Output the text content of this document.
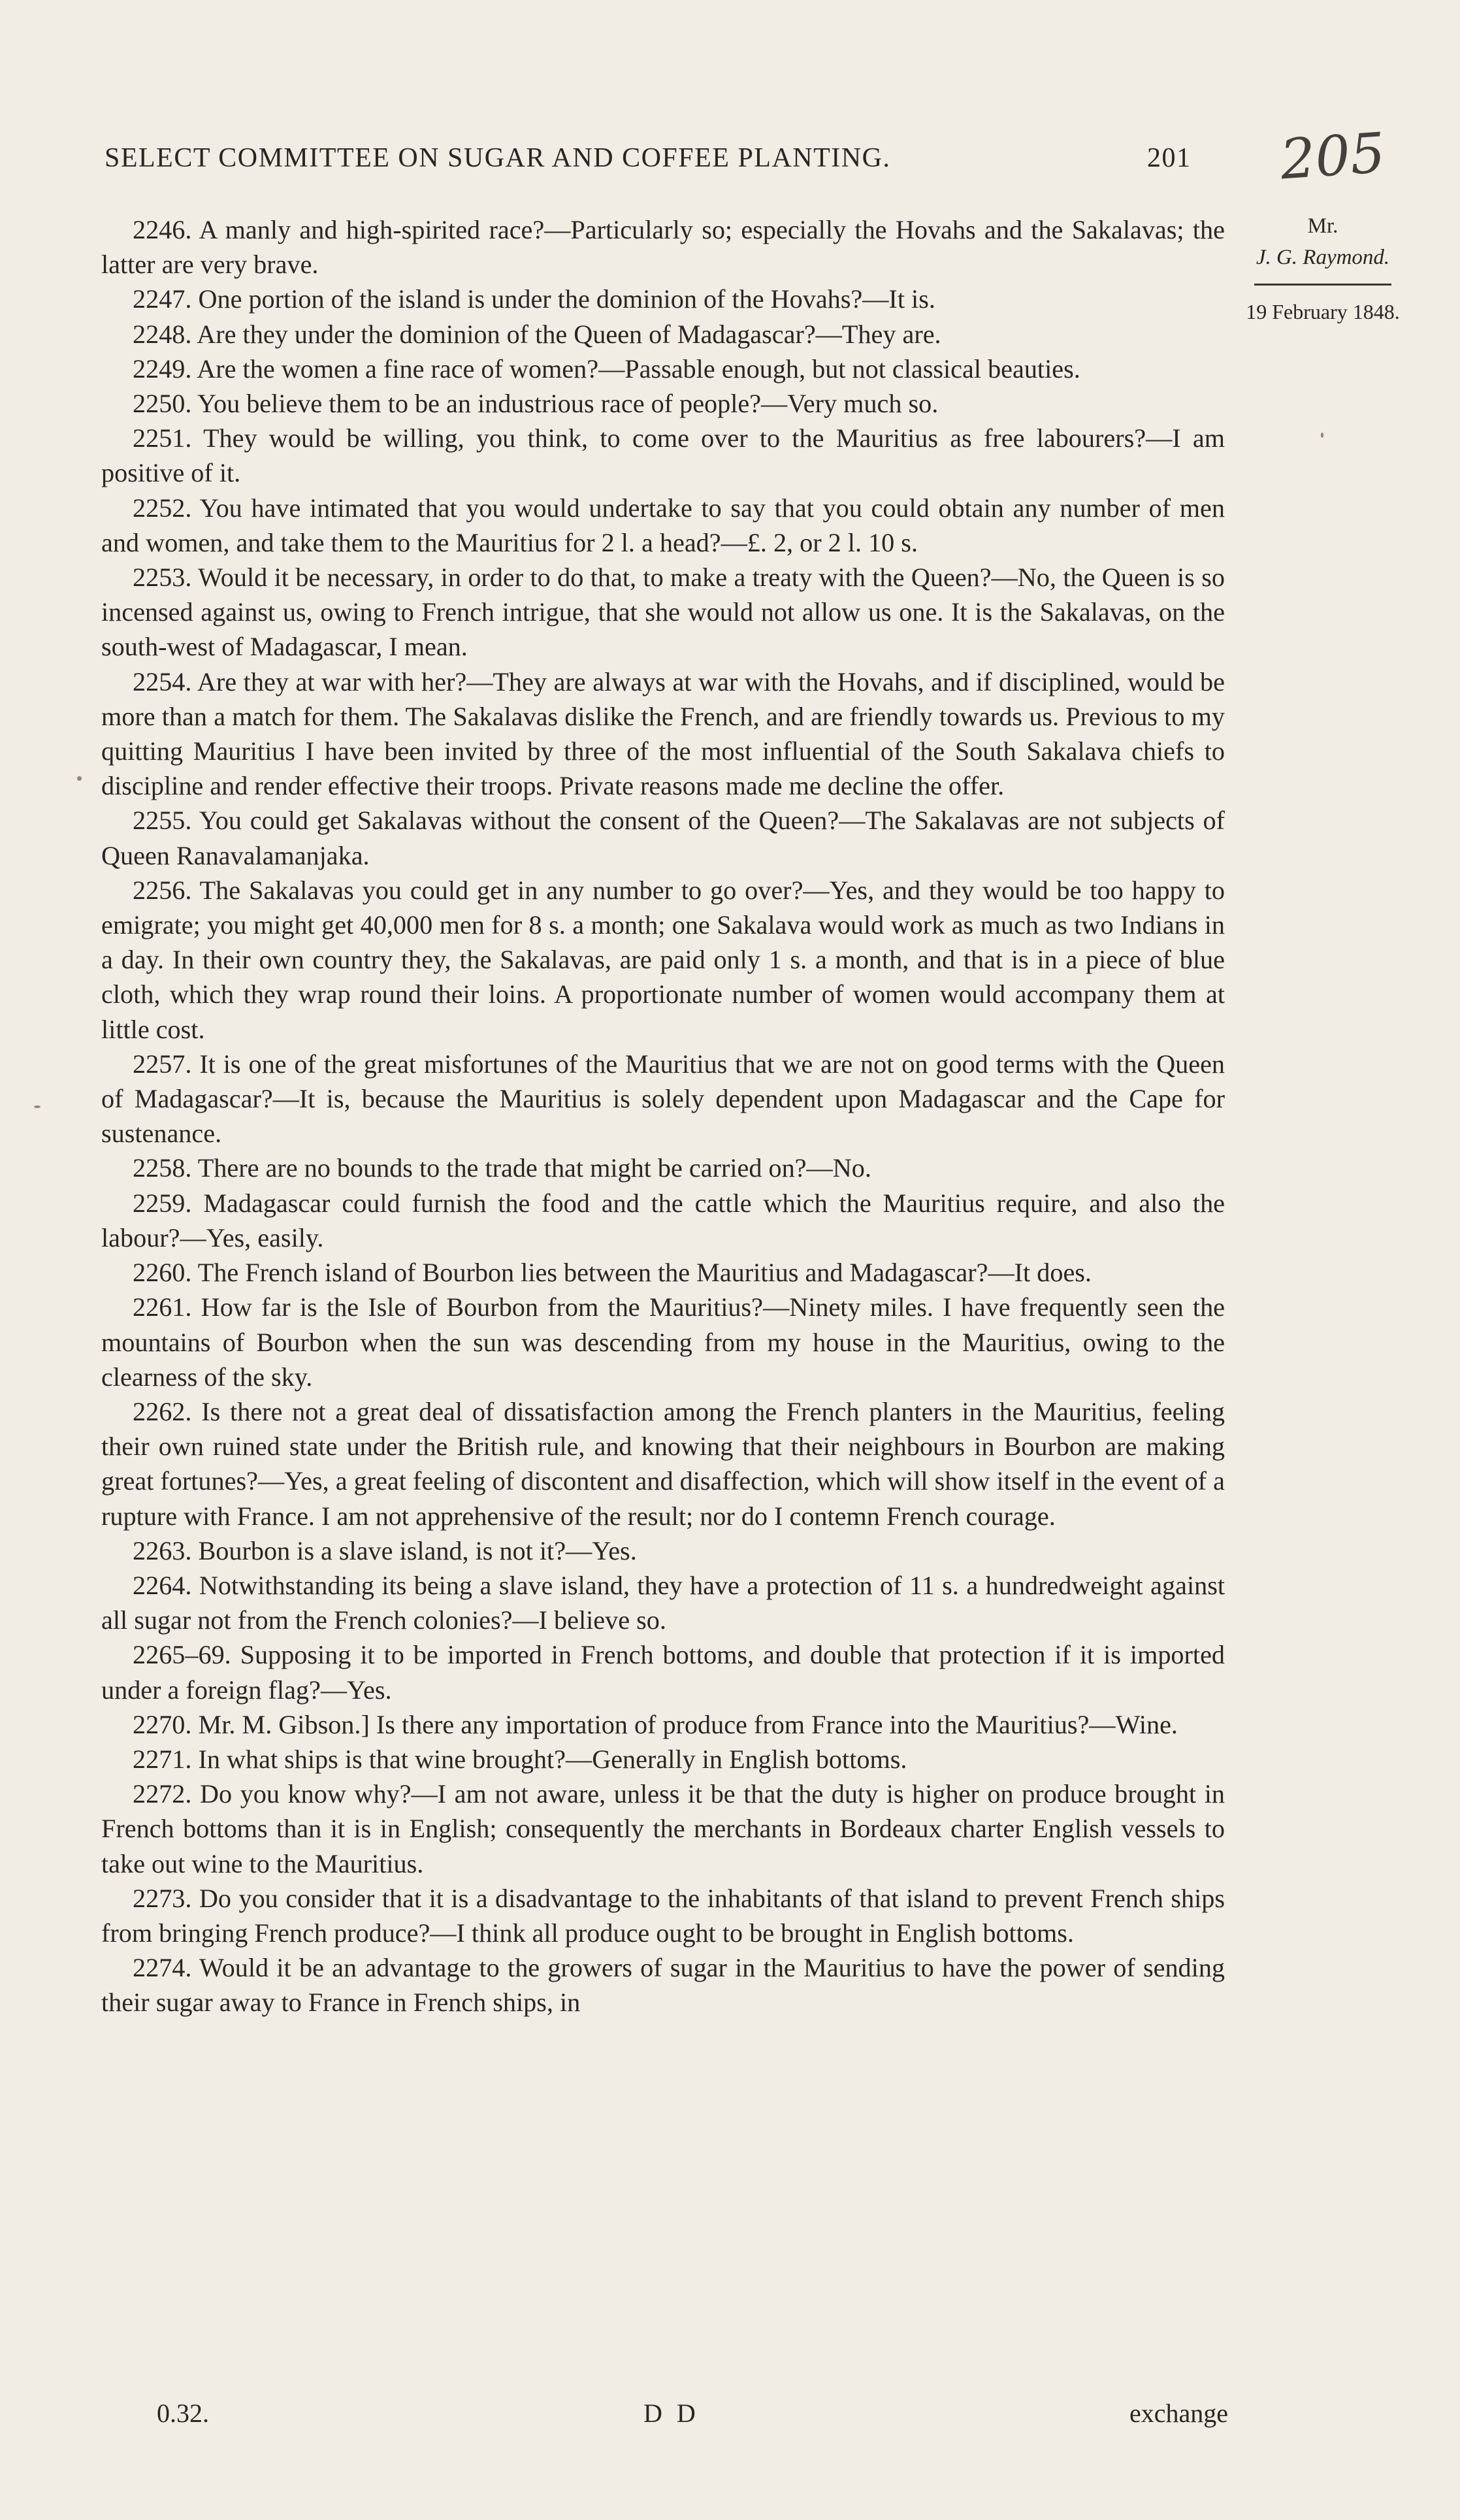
SELECT COMMITTEE ON SUGAR AND COFFEE PLANTING.	201 205
Mr.
J. G. Raymond.
19 February 1848.

2246. A manly and high-spirited race?—Particularly so; especially the Hovahs and the Sakalavas; the latter are very brave.

2247. One portion of the island is under the dominion of the Hovahs?—It is.

2248. Are they under the dominion of the Queen of Madagascar?—They are.

2249. Are the women a fine race of women?—Passable enough, but not classical beauties.

2250. You believe them to be an industrious race of people?—Very much so.

2251. They would be willing, you think, to come over to the Mauritius as free labourers?—I am positive of it.

2252. You have intimated that you would undertake to say that you could obtain any number of men and women, and take them to the Mauritius for 2 l. a head?—£. 2, or 2 l. 10 s.

2253. Would it be necessary, in order to do that, to make a treaty with the Queen?—No, the Queen is so incensed against us, owing to French intrigue, that she would not allow us one. It is the Sakalavas, on the south-west of Madagascar, I mean.

2254. Are they at war with her?—They are always at war with the Hovahs, and if disciplined, would be more than a match for them. The Sakalavas dislike the French, and are friendly towards us. Previous to my quitting Mauritius I have been invited by three of the most influential of the South Sakalava chiefs to discipline and render effective their troops. Private reasons made me decline the offer.

2255. You could get Sakalavas without the consent of the Queen?—The Sakalavas are not subjects of Queen Ranavalamanjaka.

2256. The Sakalavas you could get in any number to go over?—Yes, and they would be too happy to emigrate; you might get 40,000 men for 8 s. a month; one Sakalava would work as much as two Indians in a day. In their own country they, the Sakalavas, are paid only 1 s. a month, and that is in a piece of blue cloth, which they wrap round their loins. A proportionate number of women would accompany them at little cost.

2257. It is one of the great misfortunes of the Mauritius that we are not on good terms with the Queen of Madagascar?—It is, because the Mauritius is solely dependent upon Madagascar and the Cape for sustenance.

2258. There are no bounds to the trade that might be carried on?—No.

2259. Madagascar could furnish the food and the cattle which the Mauritius require, and also the labour?—Yes, easily.

2260. The French island of Bourbon lies between the Mauritius and Madagascar?—It does.

2261. How far is the Isle of Bourbon from the Mauritius?—Ninety miles. I have frequently seen the mountains of Bourbon when the sun was descending from my house in the Mauritius, owing to the clearness of the sky.

2262. Is there not a great deal of dissatisfaction among the French planters in the Mauritius, feeling their own ruined state under the British rule, and knowing that their neighbours in Bourbon are making great fortunes?—Yes, a great feeling of discontent and disaffection, which will show itself in the event of a rupture with France. I am not apprehensive of the result; nor do I contemn French courage.

2263. Bourbon is a slave island, is not it?—Yes.

2264. Notwithstanding its being a slave island, they have a protection of 11 s. a hundredweight against all sugar not from the French colonies?—I believe so.

2265–69. Supposing it to be imported in French bottoms, and double that protection if it is imported under a foreign flag?—Yes.

2270. Mr. M. Gibson.] Is there any importation of produce from France into the Mauritius?—Wine.

2271. In what ships is that wine brought?—Generally in English bottoms.

2272. Do you know why?—I am not aware, unless it be that the duty is higher on produce brought in French bottoms than it is in English; consequently the merchants in Bordeaux charter English vessels to take out wine to the Mauritius.

2273. Do you consider that it is a disadvantage to the inhabitants of that island to prevent French ships from bringing French produce?—I think all produce ought to be brought in English bottoms.

2274. Would it be an advantage to the growers of sugar in the Mauritius to have the power of sending their sugar away to France in French ships, in

0.32.	D D	exchange
